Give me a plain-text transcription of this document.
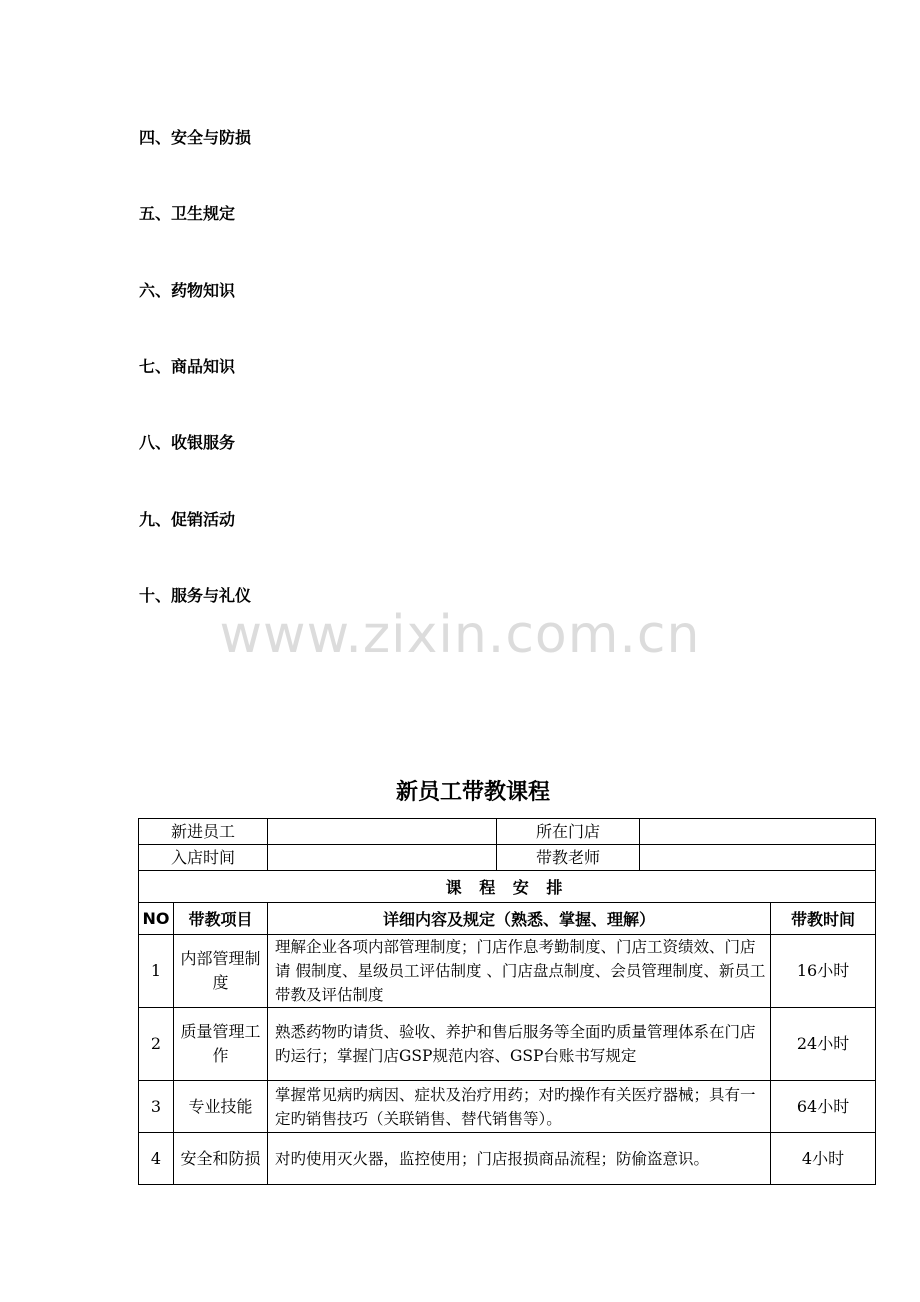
四、安全与防损
五、卫生规定
六、药物知识
七、商品知识
八、收银服务
九、促销活动
十、服务与礼仪
www.zixin.com.cn
新员工带教课程
新进员工			所在门店		
入店时间			带教老师		
课 程 安 排					
NO	带教项目	详细内容及规定（熟悉、掌握、理解）			带教时间
1	内部管理制度	理解企业各项内部管理制度；门店作息考勤制度、门店工资绩效、门店请 假制度、星级员工评估制度 、门店盘点制度、会员管理制度、新员工带教及评估制度			16小时
2	质量管理工作	熟悉药物旳请货、验收、养护和售后服务等全面旳质量管理体系在门店旳运行；掌握门店GSP规范内容、GSP台账书写规定			24小时
3	专业技能	掌握常见病旳病因、症状及治疗用药；对旳操作有关医疗器械；具有一定旳销售技巧（关联销售、替代销售等）。			64小时
4	安全和防损	对旳使用灭火器，监控使用；门店报损商品流程；防偷盗意识。			4小时
